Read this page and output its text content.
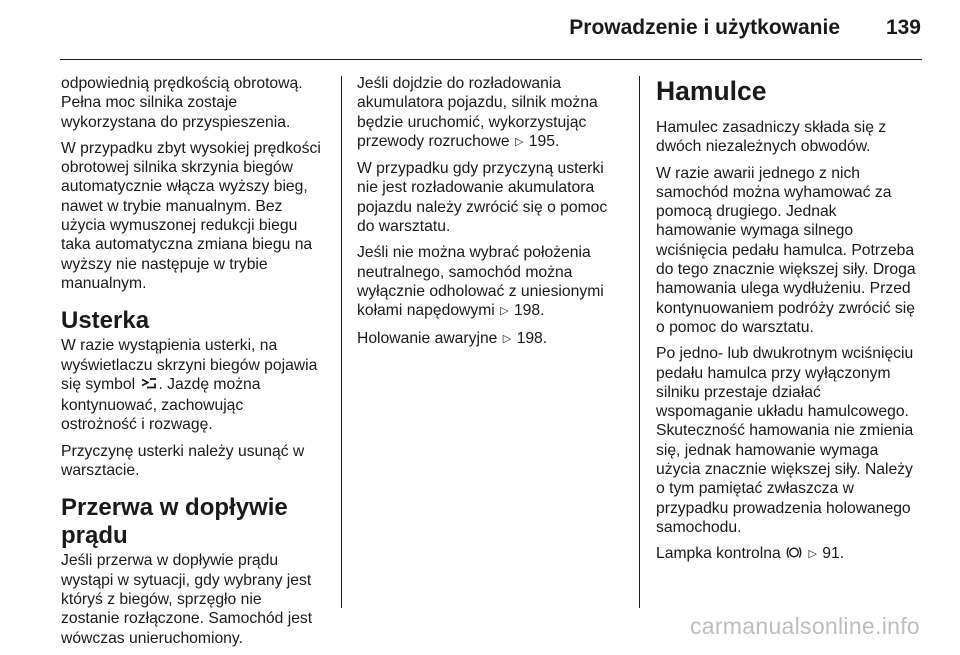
Prowadzenie i użytkowanie 139

odpowiednią prędkością obrotową.
Pełna moc silnika zostaje
wykorzystana do przyspieszenia.

W przypadku zbyt wysokiej prędkości
obrotowej silnika skrzynia biegów
automatycznie włącza wyższy bieg,
nawet w trybie manualnym. Bez
użycia wymuszonej redukcji biegu
taka automatyczna zmiana biegu na
wyższy nie następuje w trybie
manualnym.

Usterka

W razie wystąpienia usterki, na
wyświetlaczu skrzyni biegów pojawia
się symbol . Jazdę można
kontynuować, zachowując
ostrożność i rozwagę.

Przyczynę usterki należy usunąć w
warsztacie.

Przerwa w dopływie prądu

Jeśli przerwa w dopływie prądu
wystąpi w sytuacji, gdy wybrany jest
któryś z biegów, sprzęgło nie
zostanie rozłączone. Samochód jest
wówczas unieruchomiony.

Jeśli dojdzie do rozładowania
akumulatora pojazdu, silnik można
będzie uruchomić, wykorzystując
przewody rozruchowe ▷ 195.

W przypadku gdy przyczyną usterki
nie jest rozładowanie akumulatora
pojazdu należy zwrócić się o pomoc
do warsztatu.

Jeśli nie można wybrać położenia
neutralnego, samochód można
wyłącznie odholować z uniesionymi
kołami napędowymi ▷ 198.

Holowanie awaryjne ▷ 198.

Hamulce

Hamulec zasadniczy składa się z
dwóch niezależnych obwodów.

W razie awarii jednego z nich
samochód można wyhamować za
pomocą drugiego. Jednak
hamowanie wymaga silnego
wciśnięcia pedału hamulca. Potrzeba
do tego znacznie większej siły. Droga
hamowania ulega wydłużeniu. Przed
kontynuowaniem podróży zwrócić się
o pomoc do warsztatu.

Po jedno- lub dwukrotnym wciśnięciu
pedału hamulca przy wyłączonym
silniku przestaje działać
wspomaganie układu hamulcowego.
Skuteczność hamowania nie zmienia
się, jednak hamowanie wymaga
użycia znacznie większej siły. Należy
o tym pamiętać zwłaszcza w
przypadku prowadzenia holowanego
samochodu.

Lampka kontrolna	▷ 91.

carmanualsonline.info
